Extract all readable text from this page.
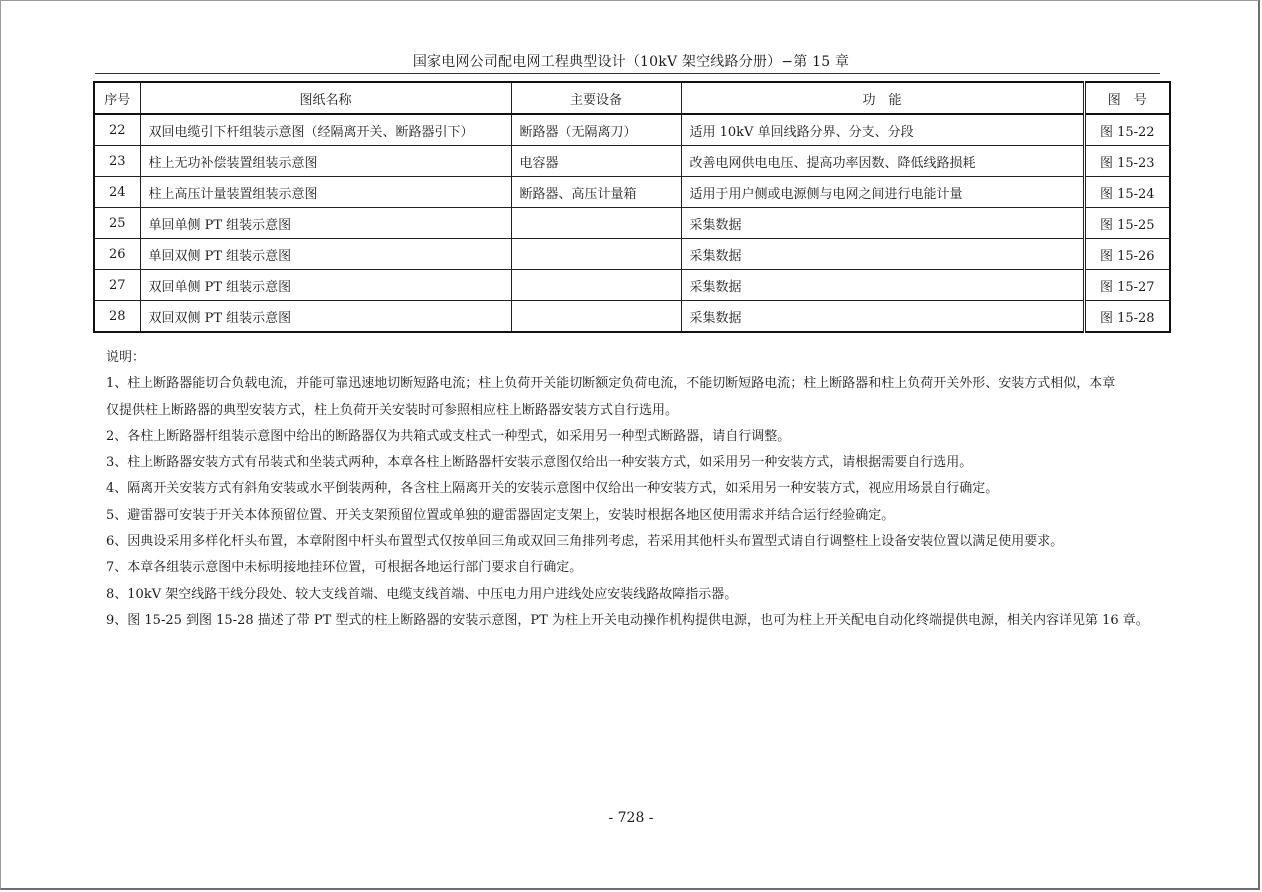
国家电网公司配电网工程典型设计（10kV 架空线路分册）−第 15 章
序号	图纸名称	主要设备	功　能	图　号
22	双回电缆引下杆组装示意图（经隔离开关、断路器引下）	断路器（无隔离刀）	适用 10kV 单回线路分界、分支、分段	图 15-22
23	柱上无功补偿装置组装示意图	电容器	改善电网供电电压、提高功率因数、降低线路损耗	图 15-23
24	柱上高压计量装置组装示意图	断路器、高压计量箱	适用于用户侧或电源侧与电网之间进行电能计量	图 15-24
25	单回单侧 PT 组装示意图		采集数据	图 15-25
26	单回双侧 PT 组装示意图		采集数据	图 15-26
27	双回单侧 PT 组装示意图		采集数据	图 15-27
28	双回双侧 PT 组装示意图		采集数据	图 15-28
说明：
1、柱上断路器能切合负载电流，并能可靠迅速地切断短路电流；柱上负荷开关能切断额定负荷电流，不能切断短路电流；柱上断路器和柱上负荷开关外形、安装方式相似，本章
仅提供柱上断路器的典型安装方式，柱上负荷开关安装时可参照相应柱上断路器安装方式自行选用。
2、各柱上断路器杆组装示意图中给出的断路器仅为共箱式或支柱式一种型式，如采用另一种型式断路器，请自行调整。
3、柱上断路器安装方式有吊装式和坐装式两种，本章各柱上断路器杆安装示意图仅给出一种安装方式，如采用另一种安装方式，请根据需要自行选用。
4、隔离开关安装方式有斜角安装或水平倒装两种，各含柱上隔离开关的安装示意图中仅给出一种安装方式，如采用另一种安装方式，视应用场景自行确定。
5、避雷器可安装于开关本体预留位置、开关支架预留位置或单独的避雷器固定支架上，安装时根据各地区使用需求并结合运行经验确定。
6、因典设采用多样化杆头布置，本章附图中杆头布置型式仅按单回三角或双回三角排列考虑，若采用其他杆头布置型式请自行调整柱上设备安装位置以满足使用要求。
7、本章各组装示意图中未标明接地挂环位置，可根据各地运行部门要求自行确定。
8、10kV 架空线路干线分段处、较大支线首端、电缆支线首端、中压电力用户进线处应安装线路故障指示器。
9、图 15-25 到图 15-28 描述了带 PT 型式的柱上断路器的安装示意图，PT 为柱上开关电动操作机构提供电源，也可为柱上开关配电自动化终端提供电源，相关内容详见第 16 章。
- 728 -
